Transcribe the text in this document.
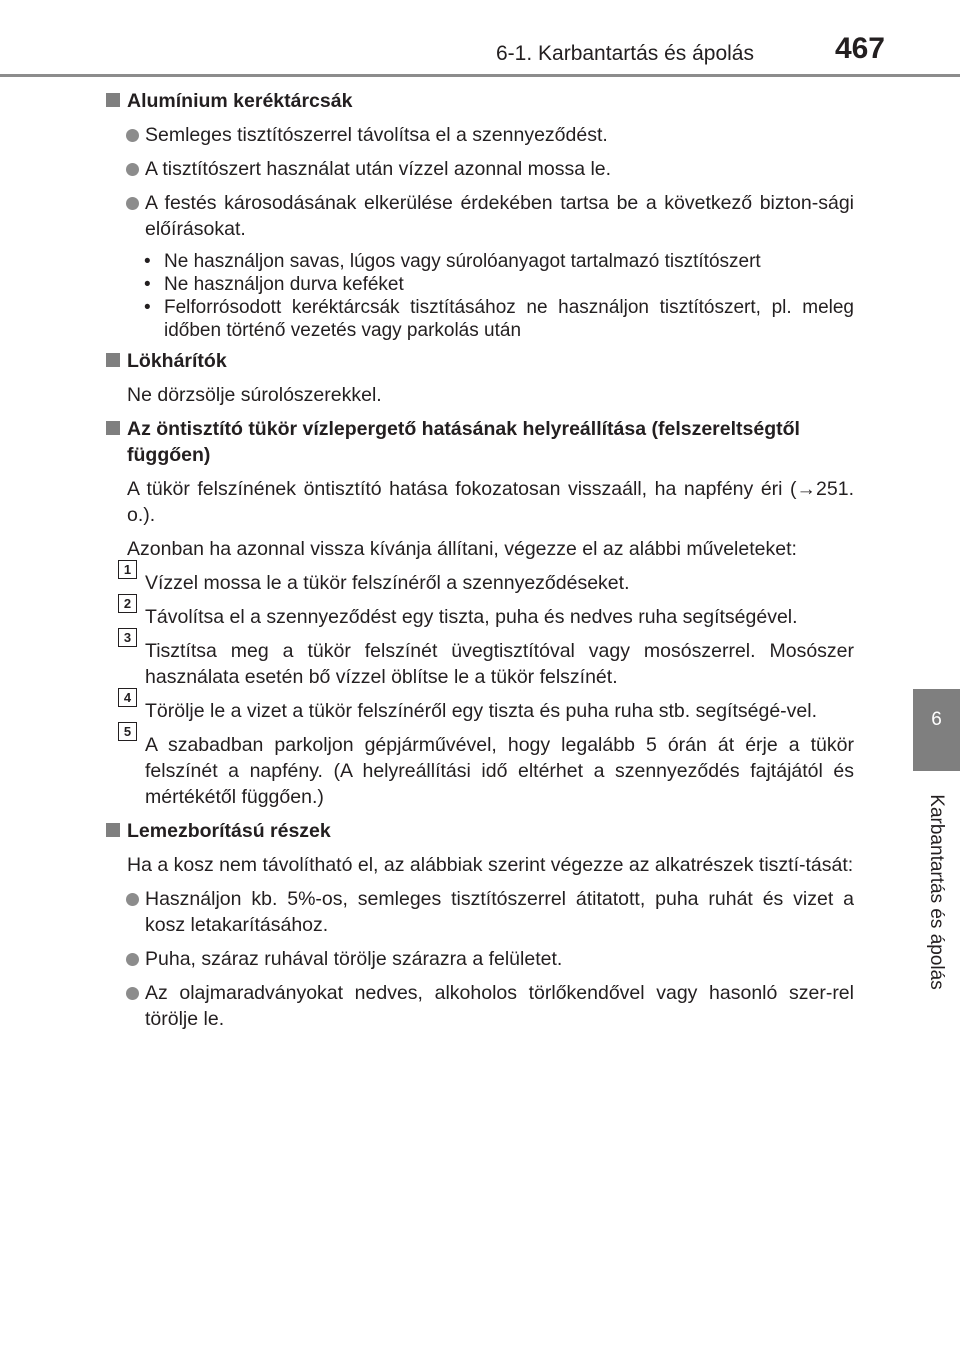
6-1. Karbantartás és ápolás	467
6
Karbantartás és ápolás
Alumínium keréktárcsák
Semleges tisztítószerrel távolítsa el a szennyeződést.
A tisztítószert használat után vízzel azonnal mossa le.
A festés károsodásának elkerülése érdekében tartsa be a következő bizton-sági előírásokat.
• Ne használjon savas, lúgos vagy súrolóanyagot tartalmazó tisztítószert
• Ne használjon durva keféket
• Felforrósodott keréktárcsák tisztításához ne használjon tisztítószert, pl. meleg időben történő vezetés vagy parkolás után
Lökhárítók
Ne dörzsölje súrolószerekkel.
Az öntisztító tükör vízlepergető hatásának helyreállítása (felszereltségtől függően)
A tükör felszínének öntisztító hatása fokozatosan visszaáll, ha napfény éri (→251. o.).
Azonban ha azonnal vissza kívánja állítani, végezze el az alábbi műveleteket:
1
Vízzel mossa le a tükör felszínéről a szennyeződéseket.
2
Távolítsa el a szennyeződést egy tiszta, puha és nedves ruha segítségével.
3
Tisztítsa meg a tükör felszínét üvegtisztítóval vagy mosószerrel. Mosószer használata esetén bő vízzel öblítse le a tükör felszínét.
4
Törölje le a vizet a tükör felszínéről egy tiszta és puha ruha stb. segítségé-vel.
5
A szabadban parkoljon gépjárművével, hogy legalább 5 órán át érje a tükör felszínét a napfény. (A helyreállítási idő eltérhet a szennyeződés fajtájától és mértékétől függően.)
Lemezborítású részek
Ha a kosz nem távolítható el, az alábbiak szerint végezze az alkatrészek tisztí-tását:
Használjon kb. 5%-os, semleges tisztítószerrel átitatott, puha ruhát és vizet a kosz letakarításához.
Puha, száraz ruhával törölje szárazra a felületet.
Az olajmaradványokat nedves, alkoholos törlőkendővel vagy hasonló szer-rel törölje le.
